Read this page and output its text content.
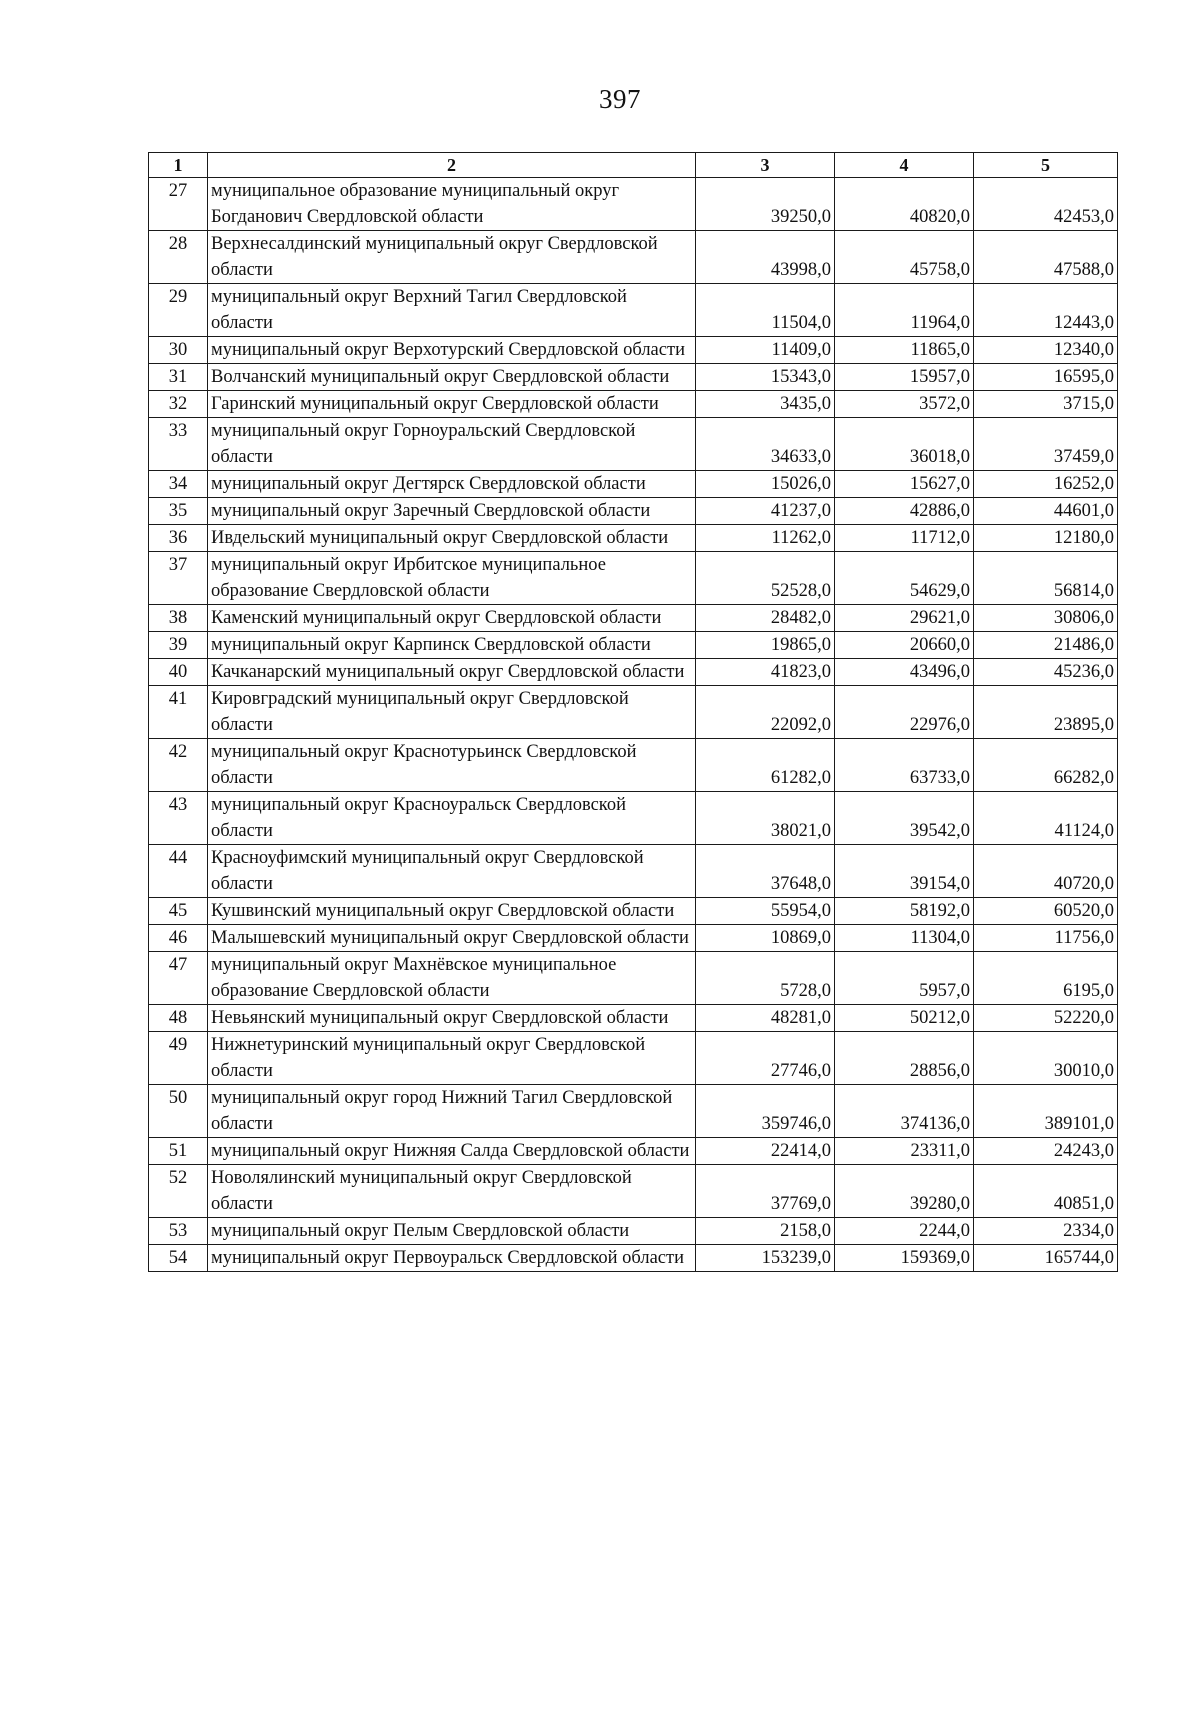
397
1	2	3	4	5
27	муниципальное образование муниципальный округ Богданович Свердловской области	39250,0	40820,0	42453,0
28	Верхнесалдинский муниципальный округ Свердловской области	43998,0	45758,0	47588,0
29	муниципальный округ Верхний Тагил Свердловской области	11504,0	11964,0	12443,0
30	муниципальный округ Верхотурский Свердловской области	11409,0	11865,0	12340,0
31	Волчанский муниципальный округ Свердловской области	15343,0	15957,0	16595,0
32	Гаринский муниципальный округ Свердловской области	3435,0	3572,0	3715,0
33	муниципальный округ Горноуральский Свердловской области	34633,0	36018,0	37459,0
34	муниципальный округ Дегтярск Свердловской области	15026,0	15627,0	16252,0
35	муниципальный округ Заречный Свердловской области	41237,0	42886,0	44601,0
36	Ивдельский муниципальный округ Свердловской области	11262,0	11712,0	12180,0
37	муниципальный округ Ирбитское муниципальное образование Свердловской области	52528,0	54629,0	56814,0
38	Каменский муниципальный округ Свердловской области	28482,0	29621,0	30806,0
39	муниципальный округ Карпинск Свердловской области	19865,0	20660,0	21486,0
40	Качканарский муниципальный округ Свердловской области	41823,0	43496,0	45236,0
41	Кировградский муниципальный округ Свердловской области	22092,0	22976,0	23895,0
42	муниципальный округ Краснотурьинск Свердловской области	61282,0	63733,0	66282,0
43	муниципальный округ Красноуральск Свердловской области	38021,0	39542,0	41124,0
44	Красноуфимский муниципальный округ Свердловской области	37648,0	39154,0	40720,0
45	Кушвинский муниципальный округ Свердловской области	55954,0	58192,0	60520,0
46	Малышевский муниципальный округ Свердловской области	10869,0	11304,0	11756,0
47	муниципальный округ Махнёвское муниципальное образование Свердловской области	5728,0	5957,0	6195,0
48	Невьянский муниципальный округ Свердловской области	48281,0	50212,0	52220,0
49	Нижнетуринский муниципальный округ Свердловской области	27746,0	28856,0	30010,0
50	муниципальный округ город Нижний Тагил Свердловской области	359746,0	374136,0	389101,0
51	муниципальный округ Нижняя Салда Свердловской области	22414,0	23311,0	24243,0
52	Новолялинский муниципальный округ Свердловской области	37769,0	39280,0	40851,0
53	муниципальный округ Пелым Свердловской области	2158,0	2244,0	2334,0
54	муниципальный округ Первоуральск Свердловской области	153239,0	159369,0	165744,0
